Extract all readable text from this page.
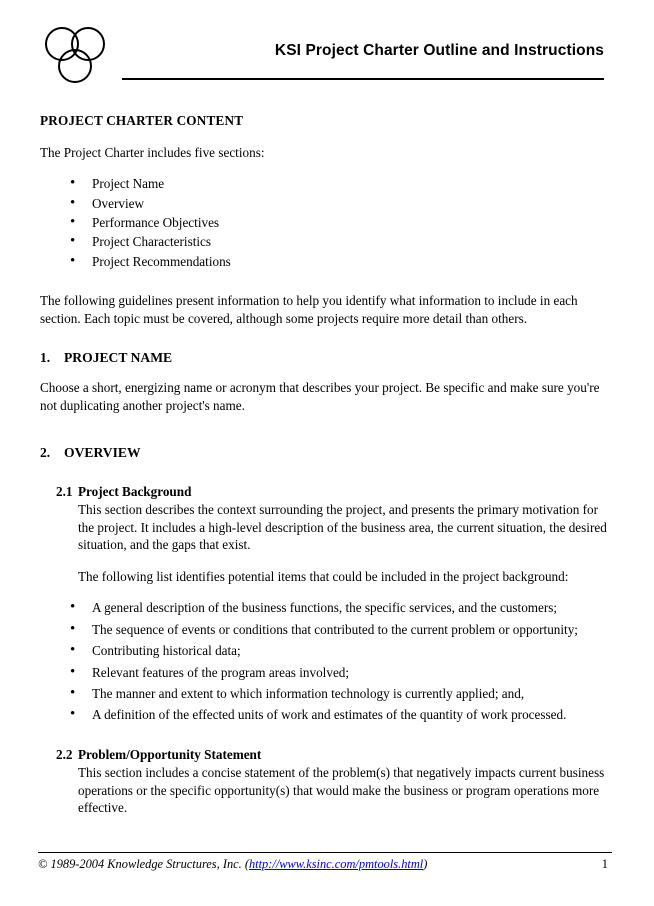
KSI Project Charter Outline and Instructions
PROJECT CHARTER CONTENT

The Project Charter includes five sections:

• Project Name
• Overview
• Performance Objectives
• Project Characteristics
• Project Recommendations

The following guidelines present information to help you identify what information to include in each section. Each topic must be covered, although some projects require more detail than others.

1.	PROJECT NAME

Choose a short, energizing name or acronym that describes your project. Be specific and make sure you're not duplicating another project's name.

2.	OVERVIEW
2.1 Project Background

This section describes the context surrounding the project, and presents the primary motivation for the project. It includes a high-level description of the business area, the current situation, the desired situation, and the gaps that exist.

The following list identifies potential items that could be included in the project background:

• A general description of the business functions, the specific services, and the customers;
• The sequence of events or conditions that contributed to the current problem or opportunity;
• Contributing historical data;
• Relevant features of the program areas involved;
• The manner and extent to which information technology is currently applied; and,
• A definition of the effected units of work and estimates of the quantity of work processed.
2.2 Problem/Opportunity Statement

This section includes a concise statement of the problem(s) that negatively impacts current business operations or the specific opportunity(s) that would make the business or program operations more effective.

© 1989-2004 Knowledge Structures, Inc. (http://www.ksinc.com/pmtools.html)	1
